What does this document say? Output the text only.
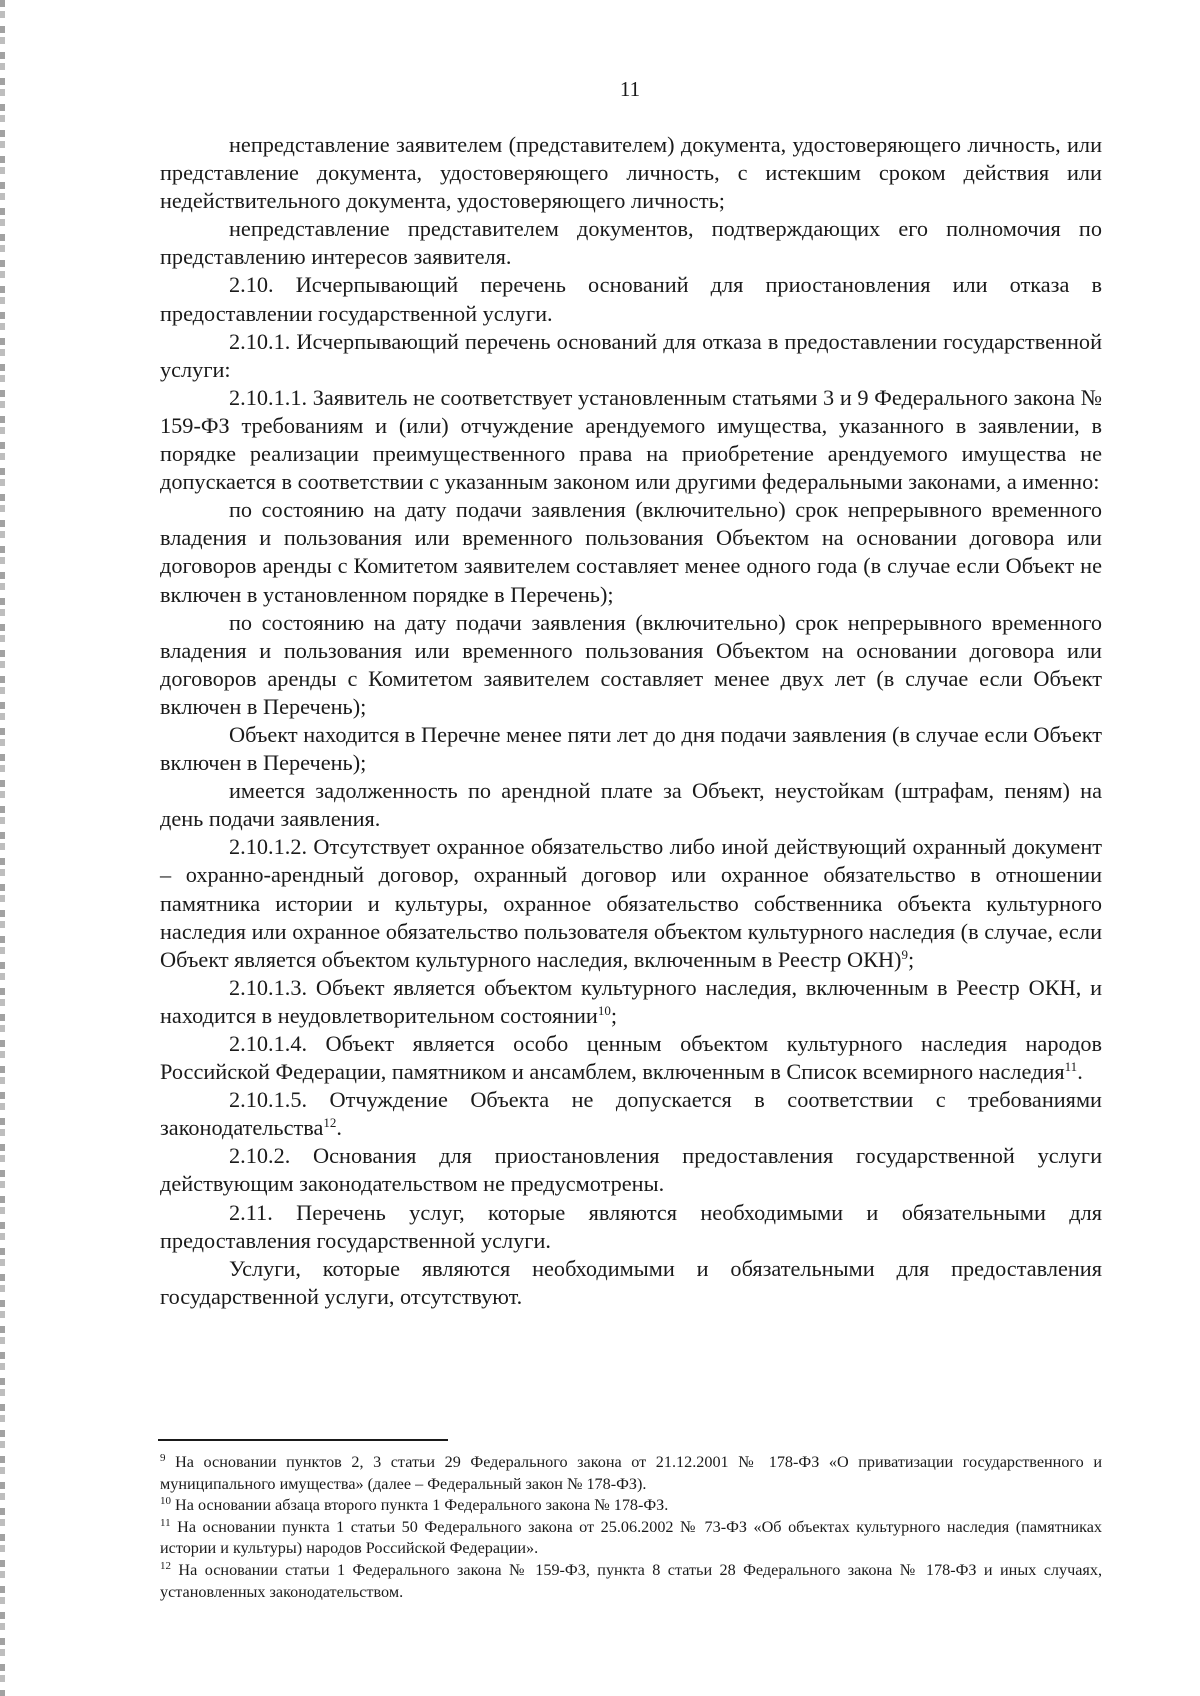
11

непредставление заявителем (представителем) документа, удостоверяющего личность, или представление документа, удостоверяющего личность, с истекшим сроком действия или недействительного документа, удостоверяющего личность;

непредставление представителем документов, подтверждающих его полномочия по представлению интересов заявителя.

2.10. Исчерпывающий перечень оснований для приостановления или отказа в предоставлении государственной услуги.

2.10.1. Исчерпывающий перечень оснований для отказа в предоставлении государственной услуги:

2.10.1.1. Заявитель не соответствует установленным статьями 3 и 9 Федерального закона № 159-ФЗ требованиям и (или) отчуждение арендуемого имущества, указанного в заявлении, в порядке реализации преимущественного права на приобретение арендуемого имущества не допускается в соответствии с указанным законом или другими федеральными законами, а именно:

по состоянию на дату подачи заявления (включительно) срок непрерывного временного владения и пользования или временного пользования Объектом на основании договора или договоров аренды с Комитетом заявителем составляет менее одного года (в случае если Объект не включен в установленном порядке в Перечень);

по состоянию на дату подачи заявления (включительно) срок непрерывного временного владения и пользования или временного пользования Объектом на основании договора или договоров аренды с Комитетом заявителем составляет менее двух лет (в случае если Объект включен в Перечень);

Объект находится в Перечне менее пяти лет до дня подачи заявления (в случае если Объект включен в Перечень);

имеется задолженность по арендной плате за Объект, неустойкам (штрафам, пеням) на день подачи заявления.

2.10.1.2. Отсутствует охранное обязательство либо иной действующий охранный документ – охранно-арендный договор, охранный договор или охранное обязательство в отношении памятника истории и культуры, охранное обязательство собственника объекта культурного наследия или охранное обязательство пользователя объектом культурного наследия (в случае, если Объект является объектом культурного наследия, включенным в Реестр ОКН)$^9$;

2.10.1.3. Объект является объектом культурного наследия, включенным в Реестр ОКН, и находится в неудовлетворительном состоянии$^{10}$;

2.10.1.4. Объект является особо ценным объектом культурного наследия народов Российской Федерации, памятником и ансамблем, включенным в Список всемирного наследия$^{11}$.

2.10.1.5. Отчуждение Объекта не допускается в соответствии с требованиями законодательства$^{12}$.

2.10.2. Основания для приостановления предоставления государственной услуги действующим законодательством не предусмотрены.

2.11. Перечень услуг, которые являются необходимыми и обязательными для предоставления государственной услуги.

Услуги, которые являются необходимыми и обязательными для предоставления государственной услуги, отсутствуют.

$^9$ На основании пунктов 2, 3 статьи 29 Федерального закона от 21.12.2001 № 178-ФЗ «О приватизации государственного и муниципального имущества» (далее – Федеральный закон № 178-ФЗ).

$^{10}$ На основании абзаца второго пункта 1 Федерального закона № 178-ФЗ.

$^{11}$ На основании пункта 1 статьи 50 Федерального закона от 25.06.2002 № 73-ФЗ «Об объектах культурного наследия (памятниках истории и культуры) народов Российской Федерации».

$^{12}$ На основании статьи 1 Федерального закона № 159-ФЗ, пункта 8 статьи 28 Федерального закона № 178-ФЗ и иных случаях, установленных законодательством.
